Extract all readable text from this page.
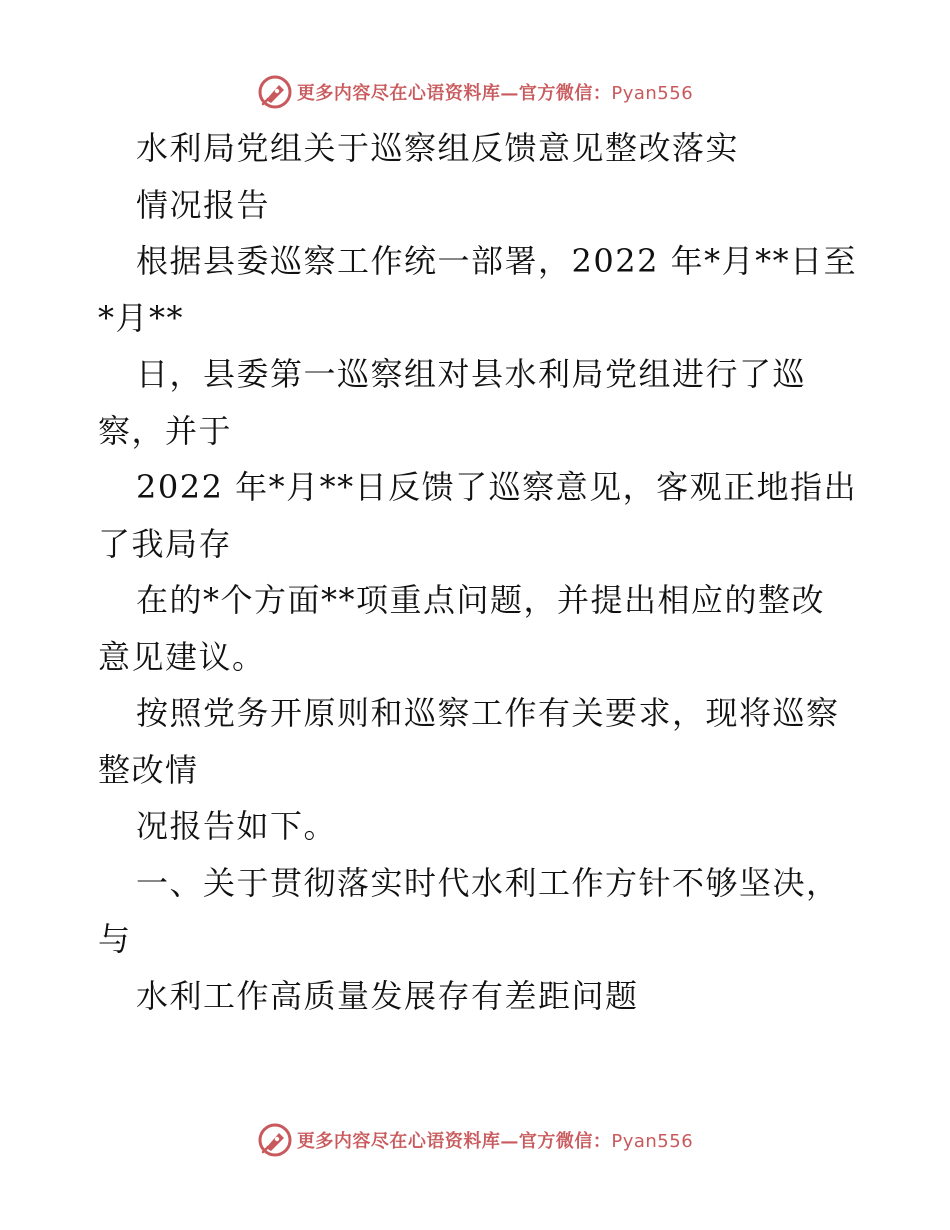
更多内容尽在心语资料库—官方微信：Pyan556
水利局党组关于巡察组反馈意见整改落实
情况报告
根据县委巡察工作统一部署，2022 年*月**日至
*月**
日，县委第一巡察组对县水利局党组进行了巡
察，并于
2022 年*月**日反馈了巡察意见，客观正地指出
了我局存
在的*个方面**项重点问题，并提出相应的整改
意见建议。
按照党务开原则和巡察工作有关要求，现将巡察
整改情
况报告如下。
一、关于贯彻落实时代水利工作方针不够坚决，
与
水利工作高质量发展存有差距问题
更多内容尽在心语资料库—官方微信：Pyan556
